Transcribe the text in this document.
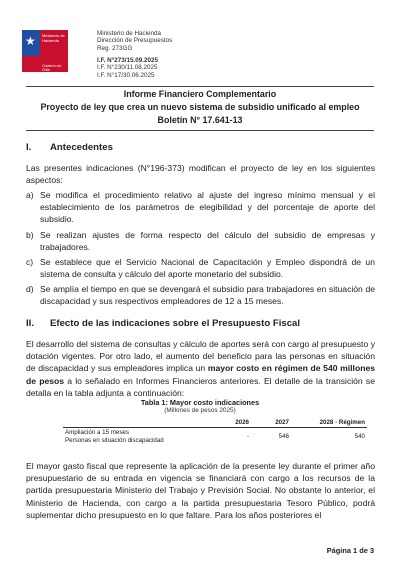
★ Ministerio de Hacienda
Gobierno de Chile
Ministerio de Hacienda
Dirección de Presupuestos
Reg. 273GG
I.F. N°273/15.09.2025
I.F. N°230/11.08.2025
I.F. N°17/30.06.2025
Informe Financiero Complementario
Proyecto de ley que crea un nuevo sistema de subsidio unificado al empleo
Boletín N° 17.641-13
I. Antecedentes
Las presentes indicaciones (N°196-373) modifican el proyecto de ley en los siguientes aspectos:
a) Se modifica el procedimiento relativo al ajuste del ingreso mínimo mensual y el establecimiento de los parámetros de elegibilidad y del porcentaje de aporte del subsidio.
b) Se realizan ajustes de forma respecto del cálculo del subsidio de empresas y trabajadores.
c) Se establece que el Servicio Nacional de Capacitación y Empleo dispondrá de un sistema de consulta y cálculo del aporte monetario del subsidio.
d) Se amplía el tiempo en que se devengará el subsidio para trabajadores en situación de discapacidad y sus respectivos empleadores de 12 a 15 meses.
II. Efecto de las indicaciones sobre el Presupuesto Fiscal
El desarrollo del sistema de consultas y cálculo de aportes será con cargo al presupuesto y dotación vigentes. Por otro lado, el aumento del beneficio para las personas en situación de discapacidad y sus empleadores implica un mayor costo en régimen de 540 millones de pesos a lo señalado en Informes Financieros anteriores. El detalle de la transición se detalla en la tabla adjunta a continuación:
Tabla 1: Mayor costo indicaciones
(Millones de pesos 2025)
	2026	2027	2028 - Régimen
Ampliación a 15 meses	-	546	540
Personas en situación discapacidad			
El mayor gasto fiscal que represente la aplicación de la presente ley durante el primer año presupuestario de su entrada en vigencia se financiará con cargo a los recursos de la partida presupuestaria Ministerio del Trabajo y Previsión Social. No obstante lo anterior, el Ministerio de Hacienda, con cargo a la partida presupuestaria Tesoro Público, podrá suplementar dicho presupuesto en lo que faltare. Para los años posteriores el
Página 1 de 3
